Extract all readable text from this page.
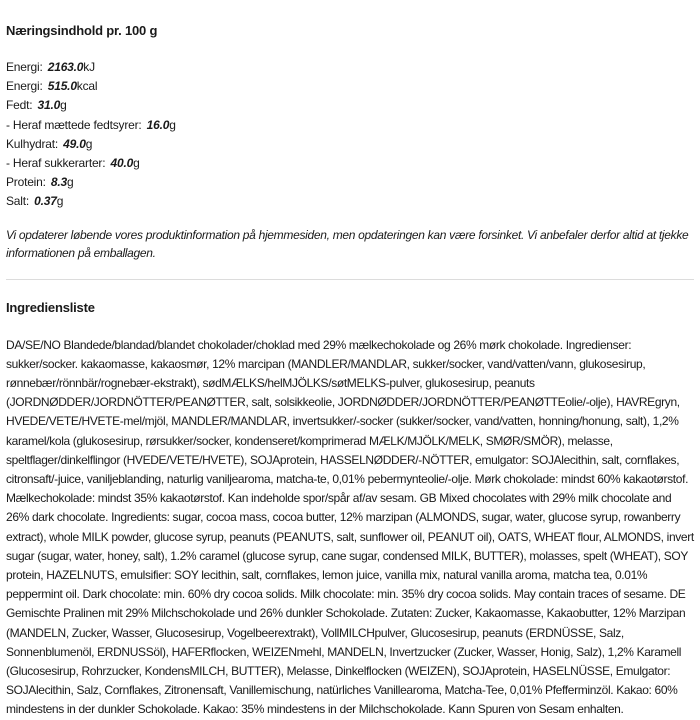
Næringsindhold pr. 100 g
Energi: 2163.0kJ
Energi: 515.0kcal
Fedt: 31.0g
- Heraf mættede fedtsyrer: 16.0g
Kulhydrat: 49.0g
- Heraf sukkerarter: 40.0g
Protein: 8.3g
Salt: 0.37g
Vi opdaterer løbende vores produktinformation på hjemmesiden, men opdateringen kan være forsinket. Vi anbefaler derfor altid at tjekke informationen på emballagen.
Ingrediensliste
DA/SE/NO Blandede/blandad/blandet chokolader/choklad med 29% mælkechokolade og 26% mørk chokolade. Ingredienser: sukker/socker. kakaomasse, kakaosmør, 12% marcipan (MANDLER/MANDLAR, sukker/socker, vand/vatten/vann, glukosesirup, rønnebær/rönnbär/rognebær-ekstrakt), sødMÆLKS/helMJÖLKS/søtMELKS-pulver, glukosesirup, peanuts (JORDNØDDER/JORDNÖTTER/PEANØTTER, salt, solsikkeolie, JORDNØDDER/JORDNÖTTER/PEANØTTEolie/-olje), HAVREgryn, HVEDE/VETE/HVETE-mel/mjöl, MANDLER/MANDLAR, invertsukker/-socker (sukker/socker, vand/vatten, honning/honung, salt), 1,2% karamel/kola (glukosesirup, rørsukker/socker, kondenseret/komprimerad MÆLK/MJÖLK/MELK, SMØR/SMÖR), melasse, speltflager/dinkelflingor (HVEDE/VETE/HVETE), SOJAprotein, HASSELNØDDER/-NÖTTER, emulgator: SOJAlecithin, salt, cornflakes, citronsaft/-juice, vaniljeblanding, naturlig vaniljearoma, matcha-te, 0,01% pebermynteolie/-olje. Mørk chokolade: mindst 60% kakaotørstof. Mælkechokolade: mindst 35% kakaotørstof. Kan indeholde spor/spår af/av sesam. GB Mixed chocolates with 29% milk chocolate and 26% dark chocolate. Ingredients: sugar, cocoa mass, cocoa butter, 12% marzipan (ALMONDS, sugar, water, glucose syrup, rowanberry extract), whole MILK powder, glucose syrup, peanuts (PEANUTS, salt, sunflower oil, PEANUT oil), OATS, WHEAT flour, ALMONDS, invert sugar (sugar, water, honey, salt), 1.2% caramel (glucose syrup, cane sugar, condensed MILK, BUTTER), molasses, spelt (WHEAT), SOY protein, HAZELNUTS, emulsifier: SOY lecithin, salt, cornflakes, lemon juice, vanilla mix, natural vanilla aroma, matcha tea, 0.01% peppermint oil. Dark chocolate: min. 60% dry cocoa solids. Milk chocolate: min. 35% dry cocoa solids. May contain traces of sesame. DE Gemischte Pralinen mit 29% Milchschokolade und 26% dunkler Schokolade. Zutaten: Zucker, Kakaomasse, Kakaobutter, 12% Marzipan (MANDELN, Zucker, Wasser, Glucosesirup, Vogelbeerextrakt), VollMILCHpulver, Glucosesirup, peanuts (ERDNÜSSE, Salz, Sonnenblumenöl, ERDNUSSöl), HAFERflocken, WEIZENmehl, MANDELN, Invertzucker (Zucker, Wasser, Honig, Salz), 1,2% Karamell (Glucosesirup, Rohrzucker, KondensMILCH, BUTTER), Melasse, Dinkelflocken (WEIZEN), SOJAprotein, HASELNÜSSE, Emulgator: SOJAlecithin, Salz, Cornflakes, Zitronensaft, Vanillemischung, natürliches Vanillearoma, Matcha-Tee, 0,01% Pfefferminzöl. Kakao: 60% mindestens in der dunkler Schokolade. Kakao: 35% mindestens in der Milchschokolade. Kann Spuren von Sesam enhalten.
